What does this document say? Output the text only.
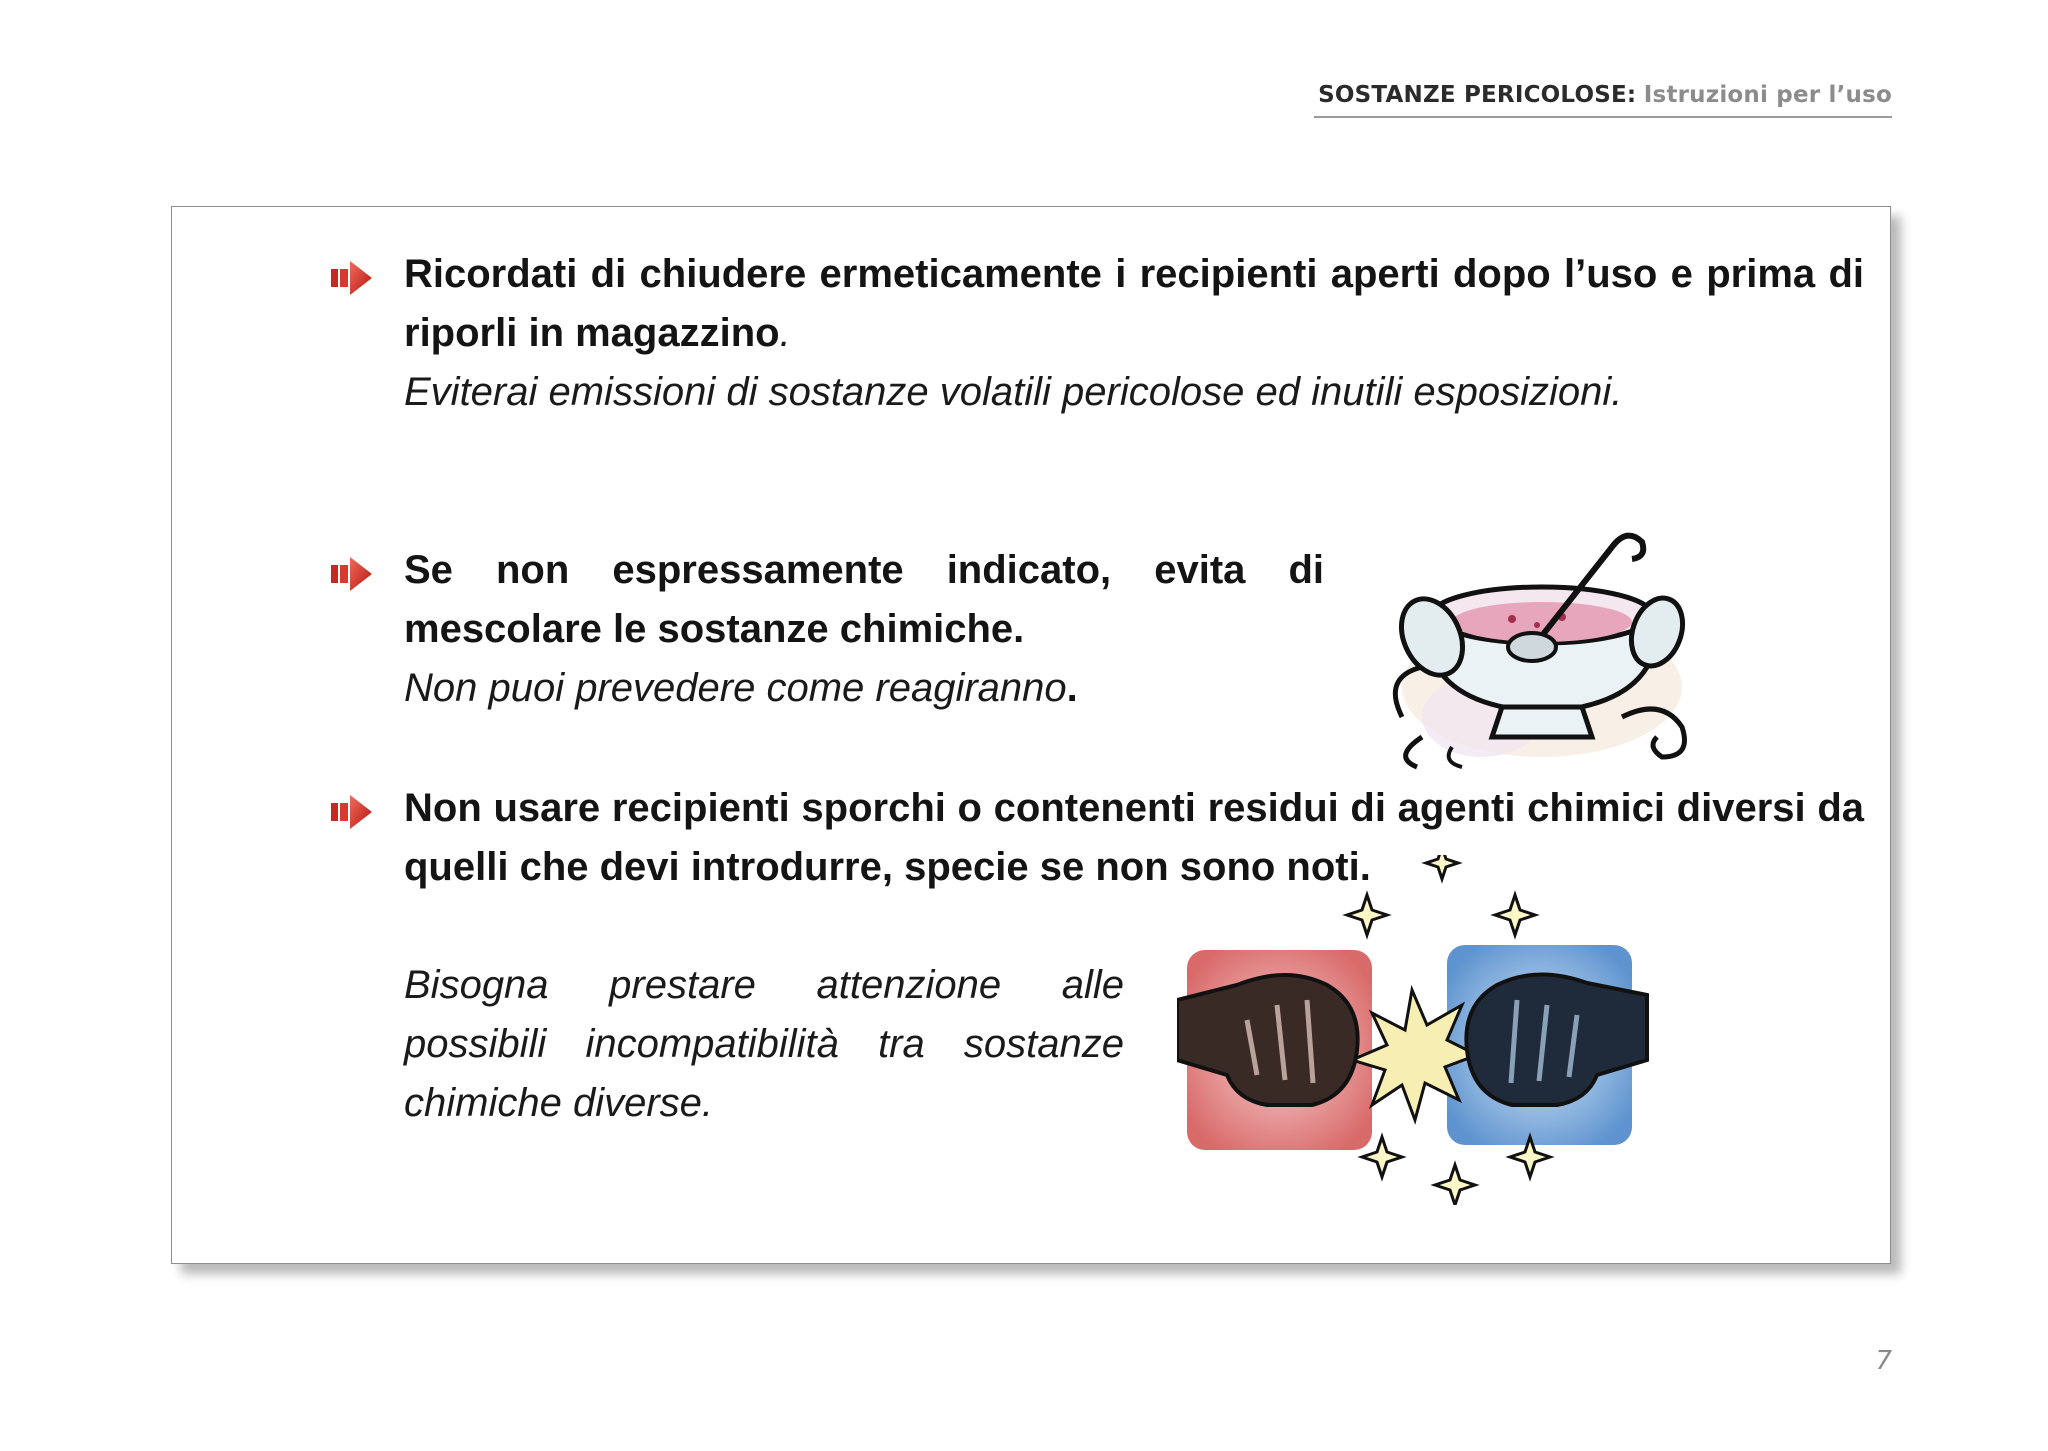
SOSTANZE PERICOLOSE: Istruzioni per l’uso
Ricordati di chiudere ermeticamente i recipienti aperti dopo l’uso e prima di riporli in magazzino.
Eviterai emissioni di sostanze volatili pericolose ed inutili esposizioni.
Se non espressamente indicato, evita di mescolare le sostanze chimiche.
Non puoi prevedere come reagiranno.
Non usare recipienti sporchi o contenenti residui di agenti chimici diversi da quelli che devi introdurre, specie se non sono noti.
Bisogna prestare attenzione alle possibili incompatibilità tra sostanze chimiche diverse.
7
